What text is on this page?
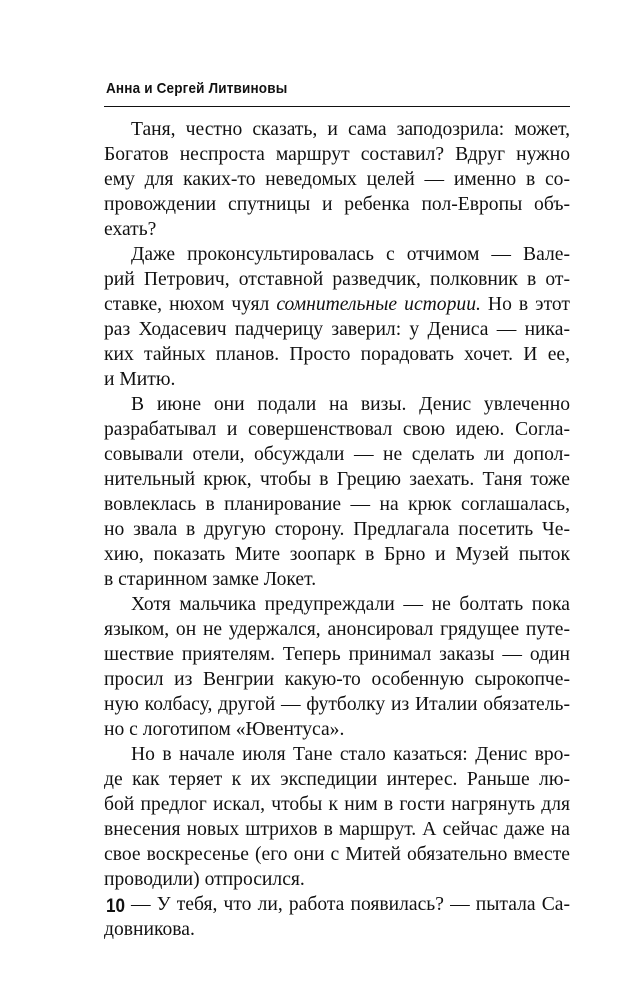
Анна и Сергей Литвиновы
Таня, честно сказать, и сама заподозрила: может,
Богатов неспроста маршрут составил? Вдруг нужно
ему для каких-то неведомых целей — именно в со-
провождении спутницы и ребенка пол-Европы объ-
ехать?
Даже проконсультировалась с отчимом — Вале-
рий Петрович, отставной разведчик, полковник в от-
ставке, нюхом чуял сомнительные истории. Но в этот
раз Ходасевич падчерицу заверил: у Дениса — ника-
ких тайных планов. Просто порадовать хочет. И ее,
и Митю.
В июне они подали на визы. Денис увлеченно
разрабатывал и совершенствовал свою идею. Согла-
совывали отели, обсуждали — не сделать ли допол-
нительный крюк, чтобы в Грецию заехать. Таня тоже
вовлеклась в планирование — на крюк соглашалась,
но звала в другую сторону. Предлагала посетить Че-
хию, показать Мите зоопарк в Брно и Музей пыток
в старинном замке Локет.
Хотя мальчика предупреждали — не болтать пока
языком, он не удержался, анонсировал грядущее путе-
шествие приятелям. Теперь принимал заказы — один
просил из Венгрии какую-то особенную сырокопче-
ную колбасу, другой — футболку из Италии обязатель-
но с логотипом «Ювентуса».
Но в начале июля Тане стало казаться: Денис вро-
де как теряет к их экспедиции интерес. Раньше лю-
бой предлог искал, чтобы к ним в гости нагрянуть для
внесения новых штрихов в маршрут. А сейчас даже на
свое воскресенье (его они с Митей обязательно вместе
проводили) отпросился.
— У тебя, что ли, работа появилась? — пытала Са-
довникова.
10
